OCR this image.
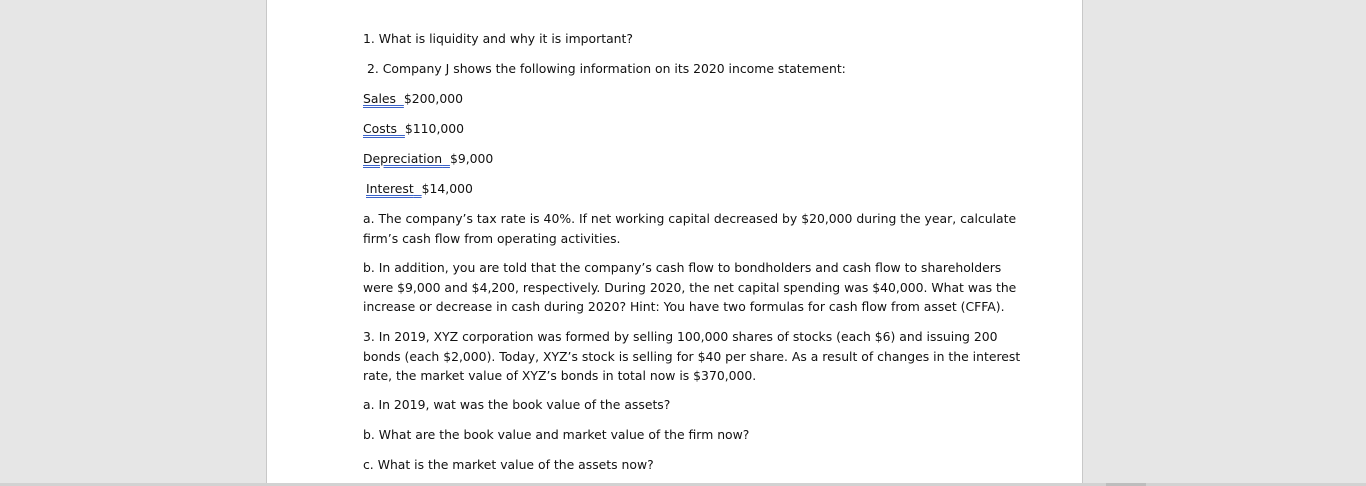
1. What is liquidity and why it is important?
2. Company J shows the following information on its 2020 income statement:
Sales $200,000
Costs $110,000
Depreciation $9,000
Interest $14,000
a. The company’s tax rate is 40%. If net working capital decreased by $20,000 during the year, calculate
firm’s cash flow from operating activities.
b. In addition, you are told that the company’s cash flow to bondholders and cash flow to shareholders
were $9,000 and $4,200, respectively. During 2020, the net capital spending was $40,000. What was the
increase or decrease in cash during 2020? Hint: You have two formulas for cash flow from asset (CFFA).
3. In 2019, XYZ corporation was formed by selling 100,000 shares of stocks (each $6) and issuing 200
bonds (each $2,000). Today, XYZ’s stock is selling for $40 per share. As a result of changes in the interest
rate, the market value of XYZ’s bonds in total now is $370,000.
a. In 2019, wat was the book value of the assets?
b. What are the book value and market value of the firm now?
c. What is the market value of the assets now?
